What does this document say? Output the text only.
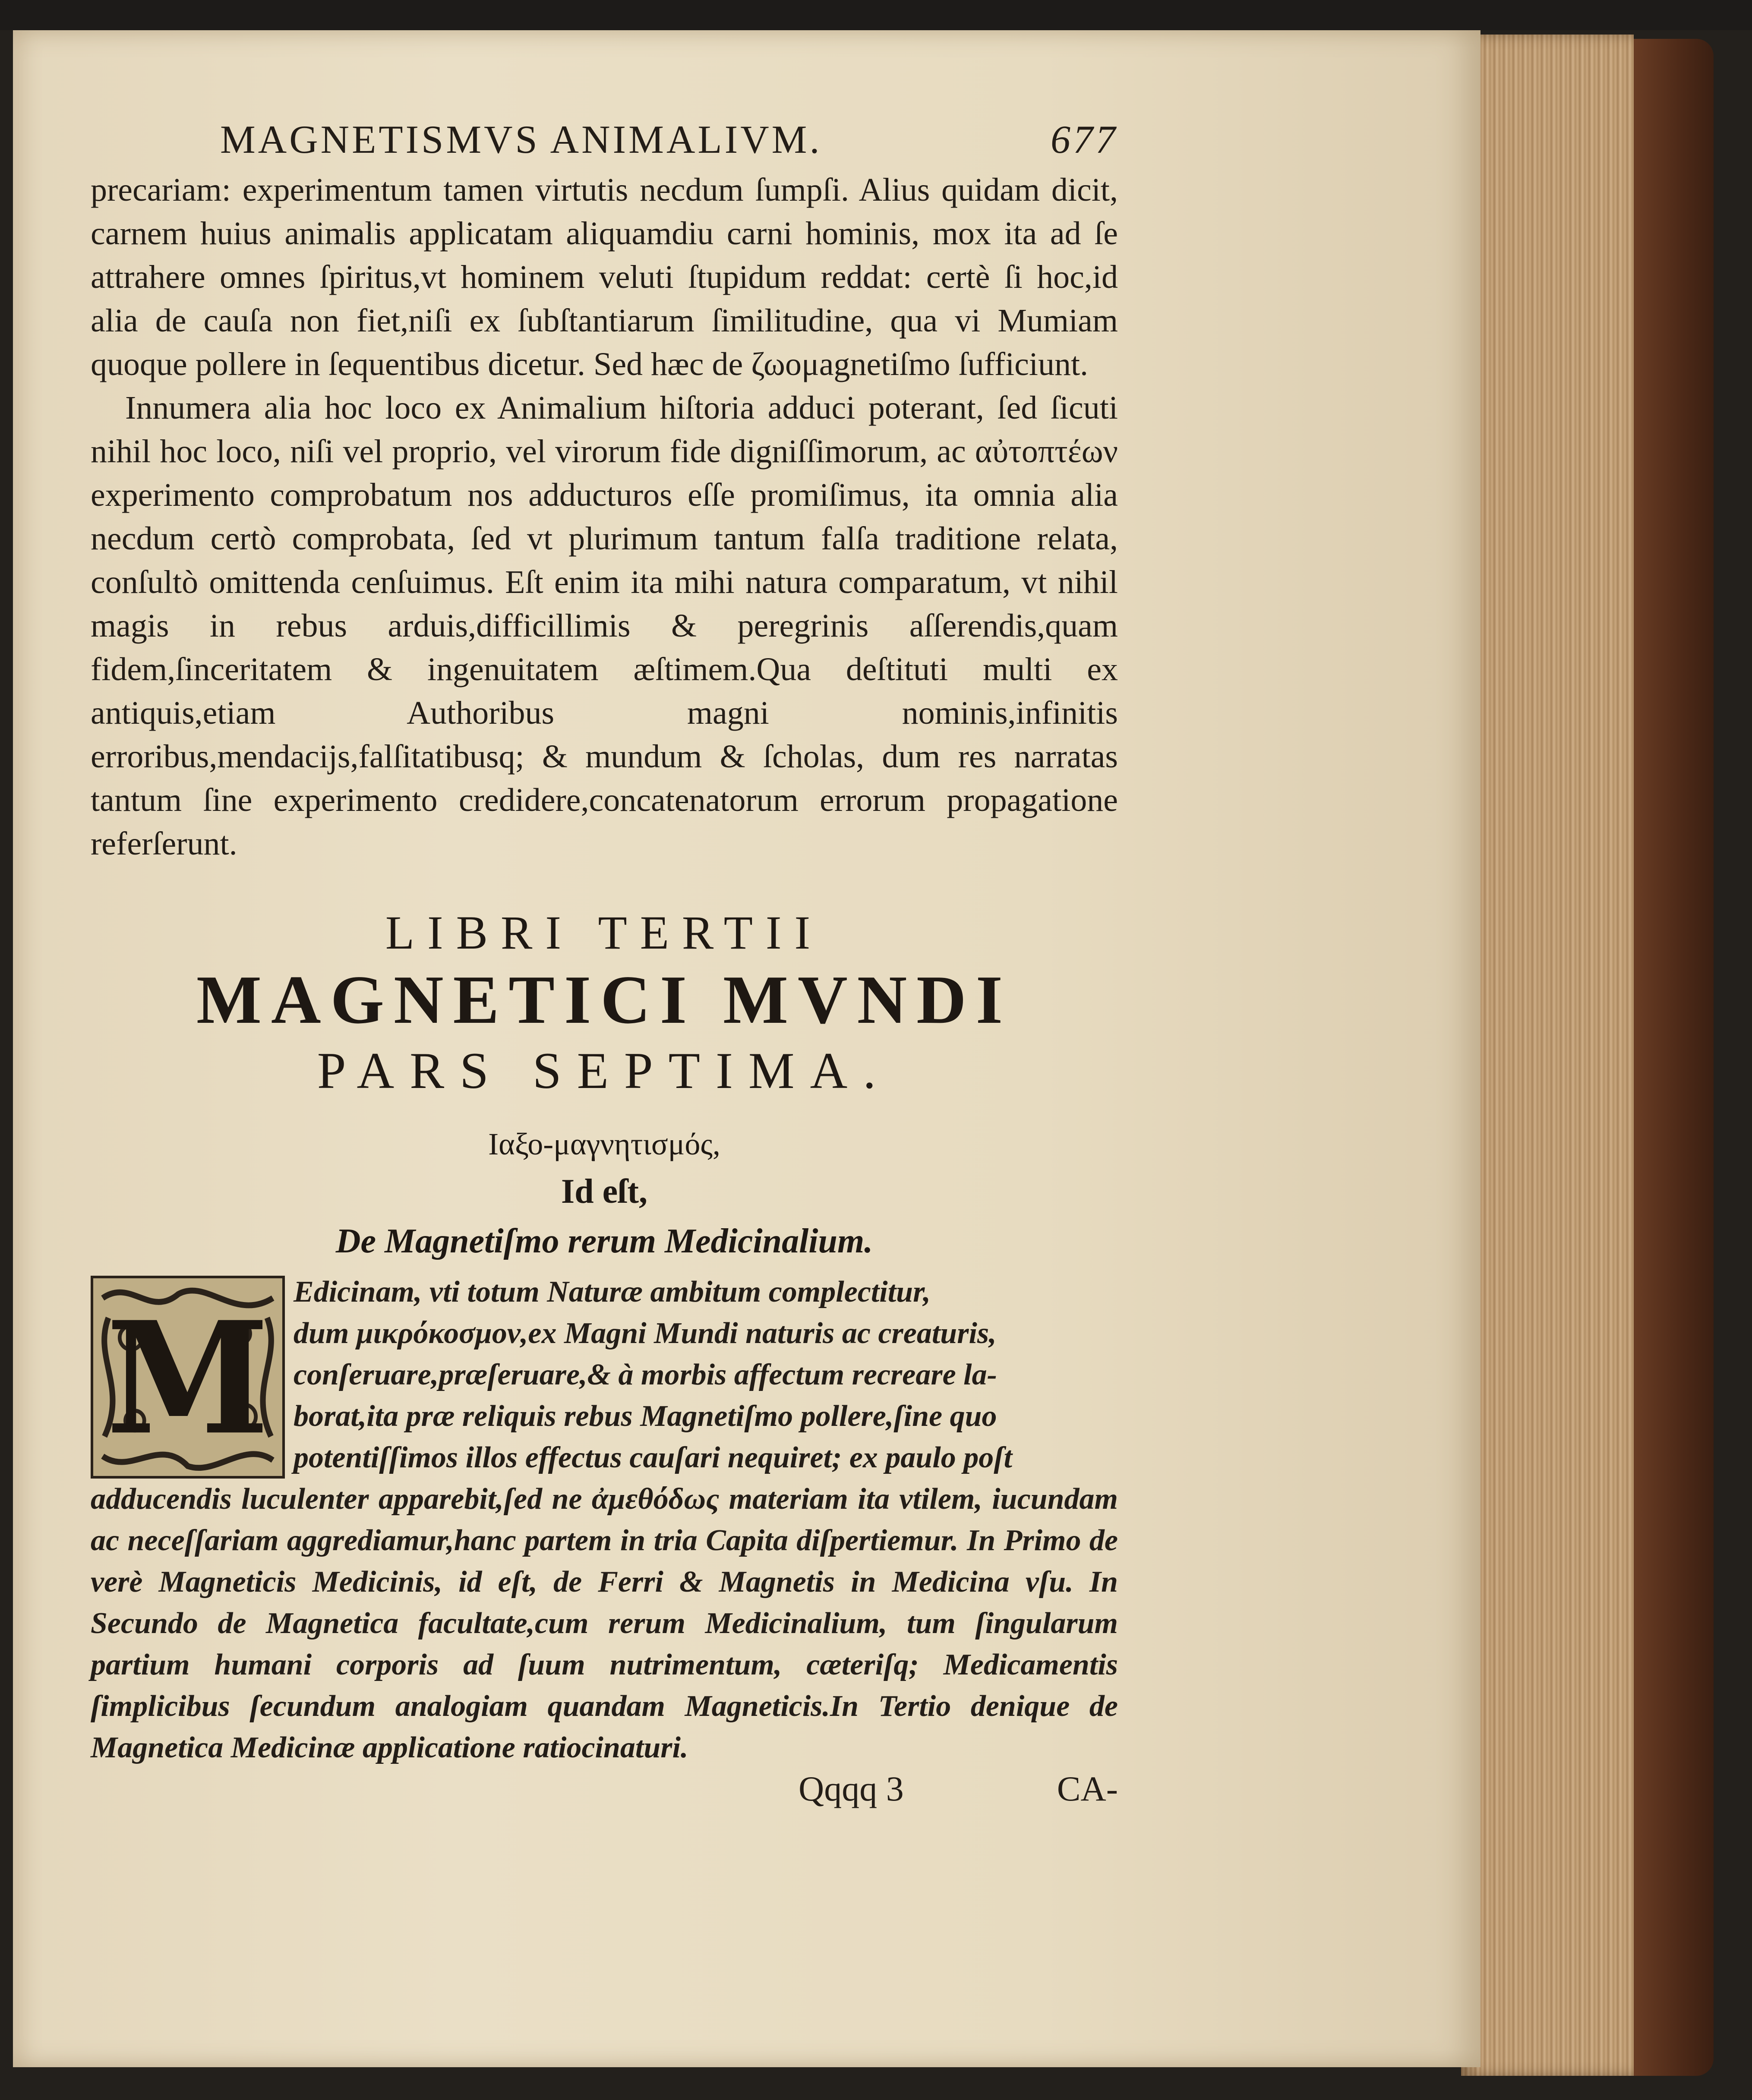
MAGNETISMVS ANIMALIVM.	677

precariam: experimentum tamen virtutis necdum ſumpſi. Alius quidam dicit, carnem huius animalis applicatam aliquamdiu carni hominis, mox ita ad ſe attrahere omnes ſpiritus,vt hominem veluti ſtupidum reddat: certè ſi hoc,id alia de cauſa non fiet,niſi ex ſubſtantiarum ſimilitudine, qua vi Mumiam quoque pollere in ſequentibus dicetur. Sed hæc de ζωομagnetiſmo ſufficiunt.

Innumera alia hoc loco ex Animalium hiſtoria adduci poterant, ſed ſicuti nihil hoc loco, niſi vel proprio, vel virorum fide digniſſimorum, ac αὐτοπτέων experimento comprobatum nos adducturos eſſe promiſimus, ita omnia alia necdum certò comprobata, ſed vt plurimum tantum falſa traditione relata, conſultò omittenda cenſuimus. Eſt enim ita mihi natura comparatum, vt nihil magis in rebus arduis,difficillimis & peregrinis aſſerendis,quam fidem,ſinceritatem & ingenuitatem æſtimem.Qua deſtituti multi ex antiquis,etiam Authoribus magni nominis,infinitis erroribus,mendacijs,falſitatibusq; & mundum & ſcholas, dum res narratas tantum ſine experimento credidere,concatenatorum errorum propagatione referſerunt.

LIBRI TERTII
MAGNETICI MVNDI
PARS SEPTIMA.
Ιαξο-μαγνητισμός,
Id eſt,
De Magnetiſmo rerum Medicinalium.
M Edicinam, vti totum Naturæ ambitum complectitur,

dum μικρόκοσμον,ex Magni Mundi naturis ac creaturis,

conſeruare,præſeruare,& à morbis affectum recreare la-

borat,ita præ reliquis rebus Magnetiſmo pollere,ſine quo

potentiſſimos illos effectus cauſari nequiret; ex paulo poſt

adducendis luculenter apparebit,ſed ne ἀμεθόδως materiam ita vtilem, iucundam ac neceſſariam aggrediamur,hanc partem in tria Capita diſpertiemur. In Primo de verè Magneticis Medicinis, id eſt, de Ferri & Magnetis in Medicina vſu. In Secundo de Magnetica facultate,cum rerum Medicinalium, tum ſingularum partium humani corporis ad ſuum nutrimentum, cæteriſq; Medicamentis ſimplicibus ſecundum analogiam quandam Magneticis.In Tertio denique de Magnetica Medicinæ applicatione ratiocinaturi.

Qqqq 3	CA-
